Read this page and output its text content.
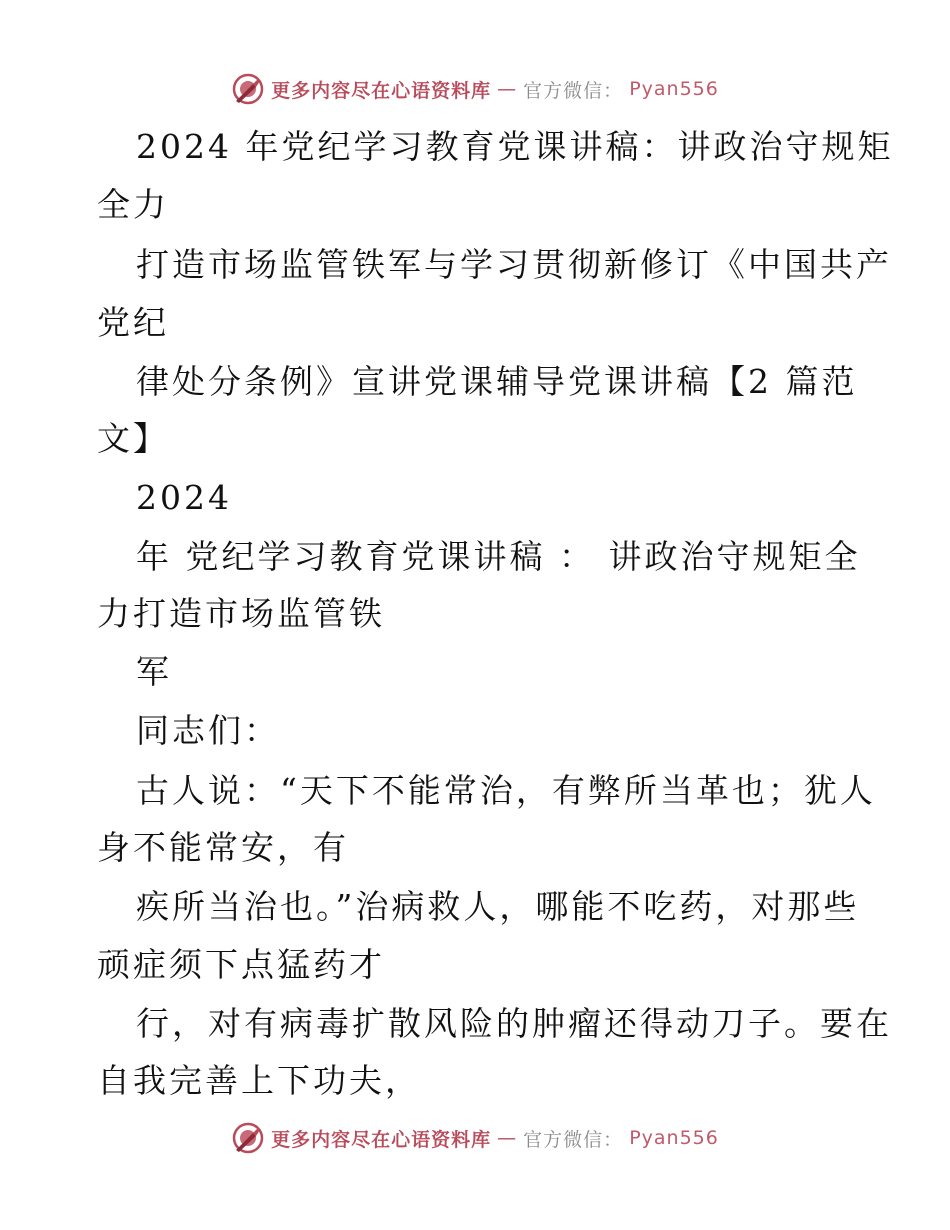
更多内容尽在心语资料库 — 官方微信： Pyan556

2024 年党纪学习教育党课讲稿：讲政治守规矩

全力

打造市场监管铁军与学习贯彻新修订《中国共产

党纪

律处分条例》宣讲党课辅导党课讲稿【2 篇范

文】

2024

年 党纪学习教育党课讲稿 ： 讲政治守规矩全

力打造市场监管铁

军

同志们：

古人说：“天下不能常治，有弊所当革也；犹人

身不能常安，有

疾所当治也。”治病救人，哪能不吃药，对那些

顽症须下点猛药才

行，对有病毒扩散风险的肿瘤还得动刀子。要在

自我完善上下功夫，

更多内容尽在心语资料库 — 官方微信： Pyan556
